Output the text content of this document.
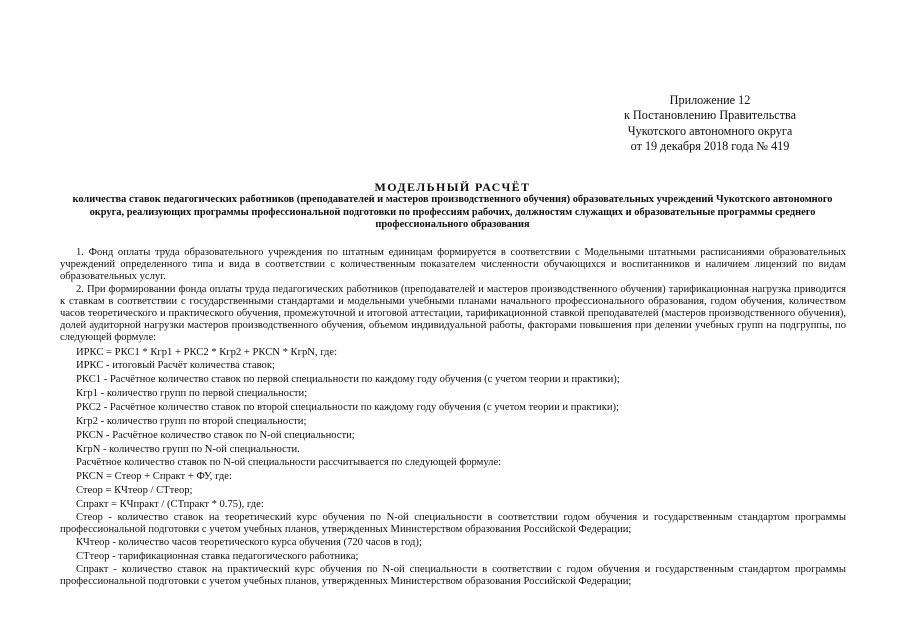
Приложение 12
к Постановлению Правительства
Чукотского автономного округа
от 19 декабря 2018 года № 419
МОДЕЛЬНЫЙ РАСЧЁТ
количества ставок педагогических работников (преподавателей и мастеров производственного обучения) образовательных учреждений Чукотского автономного округа, реализующих программы профессиональной подготовки по профессиям рабочих, должностям служащих и образовательные программы среднего профессионального образования

1. Фонд оплаты труда образовательного учреждения по штатным единицам формируется в соответствии с Модельными штатными расписаниями образовательных учреждений определенного типа и вида в соответствии с количественным показателем численности обучающихся и воспитанников и наличием лицензий по видам образовательных услуг.

2. При формировании фонда оплаты труда педагогических работников (преподавателей и мастеров производственного обучения) тарификационная нагрузка приводится к ставкам в соответствии с государственными стандартами и модельными учебными планами начального профессионального образования, годом обучения, количеством часов теоретического и практического обучения, промежуточной и итоговой аттестации, тарификационной ставкой преподавателей (мастеров производственного обучения), долей аудиторной нагрузки мастеров производственного обучения, объемом индивидуальной работы, факторами повышения при делении учебных групп на подгруппы, по следующей формуле:

ИРКС = РКС1 * Кгр1 + РКС2 * Кгр2 + РКСN * КгрN, где:

ИРКС - итоговый Расчёт количества ставок;

РКС1 - Расчётное количество ставок по первой специальности по каждому году обучения (с учетом теории и практики);

Кгр1 - количество групп по первой специальности;

РКС2 - Расчётное количество ставок по второй специальности по каждому году обучения (с учетом теории и практики);

Кгр2 - количество групп по второй специальности;

РКСN - Расчётное количество ставок по N-ой специальности;

КгрN - количество групп по N-ой специальности.

Расчётное количество ставок по N-ой специальности рассчитывается по следующей формуле:

РКСN = Стеор + Спракт + ФУ, где:

Стеор = КЧтеор / СТтеор;

Спракт = КЧпракт / (СТпракт * 0.75), где:

Стеор - количество ставок на теоретический курс обучения по N-ой специальности в соответствии годом обучения и государственным стандартом программы профессиональной подготовки с учетом учебных планов, утвержденных Министерством образования Российской Федерации;

КЧтеор - количество часов теоретического курса обучения (720 часов в год);

СТтеор - тарификационная ставка педагогического работника;

Спракт - количество ставок на практический курс обучения по N-ой специальности в соответствии с годом обучения и государственным стандартом программы профессиональной подготовки с учетом учебных планов, утвержденных Министерством образования Российской Федерации;
